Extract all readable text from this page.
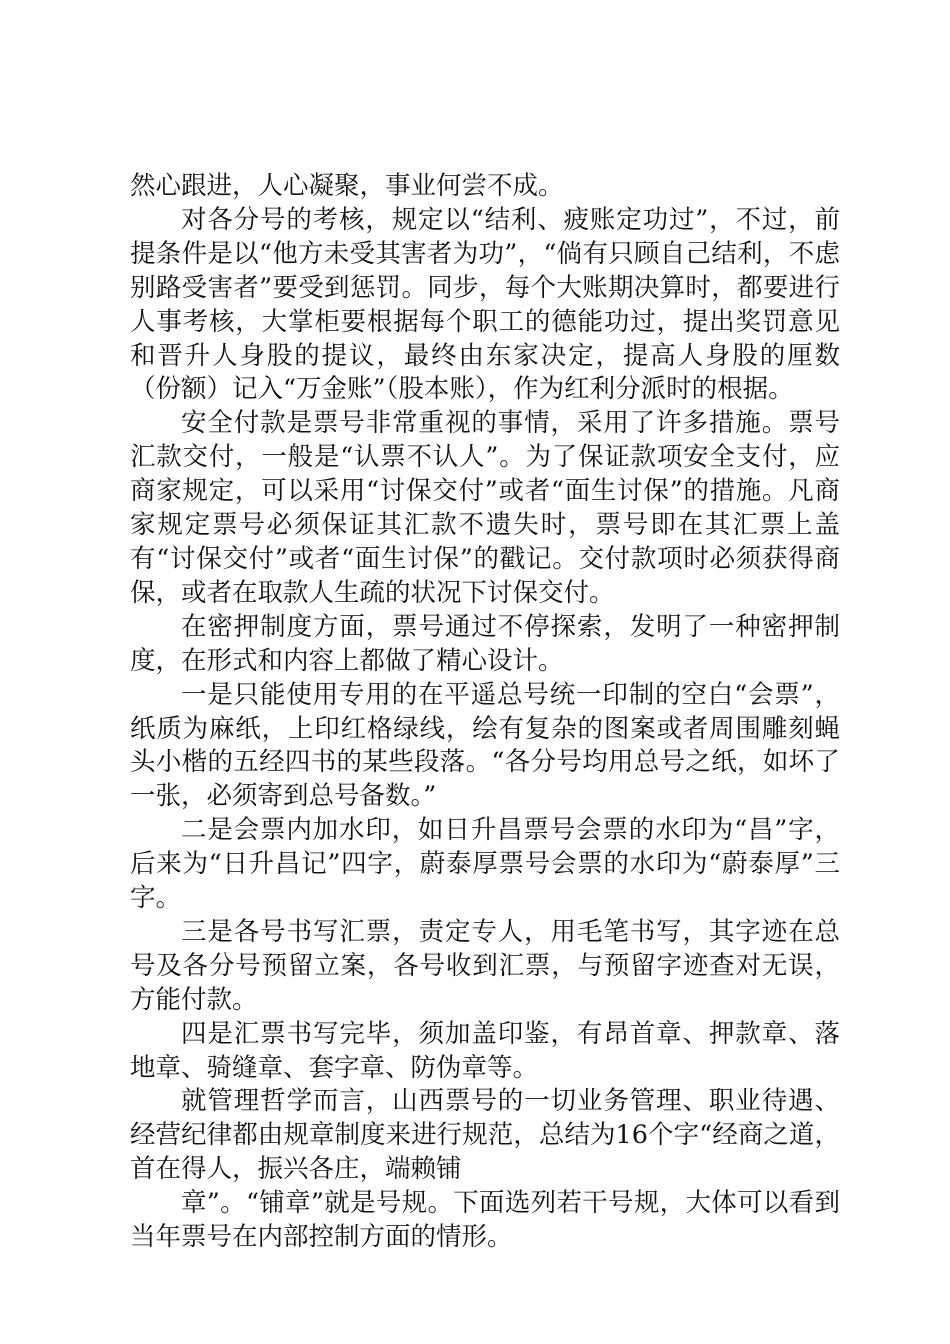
然心跟进，人心凝聚，事业何尝不成。

对各分号的考核，规定以“结利、疲账定功过”，不过，前提条件是以“他方未受其害者为功”，“倘有只顾自己结利，不虑别路受害者”要受到惩罚。同步，每个大账期决算时，都要进行人事考核，大掌柜要根据每个职工的德能功过，提出奖罚意见和晋升人身股的提议，最终由东家决定，提高人身股的厘数（份额）记入“万金账”（股本账），作为红利分派时的根据。

安全付款是票号非常重视的事情，采用了许多措施。票号汇款交付，一般是“认票不认人”。为了保证款项安全支付，应商家规定，可以采用“讨保交付”或者“面生讨保”的措施。凡商家规定票号必须保证其汇款不遗失时，票号即在其汇票上盖有“讨保交付”或者“面生讨保”的戳记。交付款项时必须获得商保，或者在取款人生疏的状况下讨保交付。

在密押制度方面，票号通过不停探索，发明了一种密押制度，在形式和内容上都做了精心设计。

一是只能使用专用的在平遥总号统一印制的空白“会票”，纸质为麻纸，上印红格绿线，绘有复杂的图案或者周围雕刻蝇头小楷的五经四书的某些段落。“各分号均用总号之纸，如坏了一张，必须寄到总号备数。”

二是会票内加水印，如日升昌票号会票的水印为“昌”字，后来为“日升昌记”四字，蔚泰厚票号会票的水印为“蔚泰厚”三字。

三是各号书写汇票，责定专人，用毛笔书写，其字迹在总号及各分号预留立案，各号收到汇票，与预留字迹查对无误，方能付款。

四是汇票书写完毕，须加盖印鉴，有昂首章、押款章、落地章、骑缝章、套字章、防伪章等。

就管理哲学而言，山西票号的一切业务管理、职业待遇、经营纪律都由规章制度来进行规范，总结为16个字“经商之道，首在得人，振兴各庄，端赖铺

章”。“铺章”就是号规。下面选列若干号规，大体可以看到当年票号在内部控制方面的情形。
